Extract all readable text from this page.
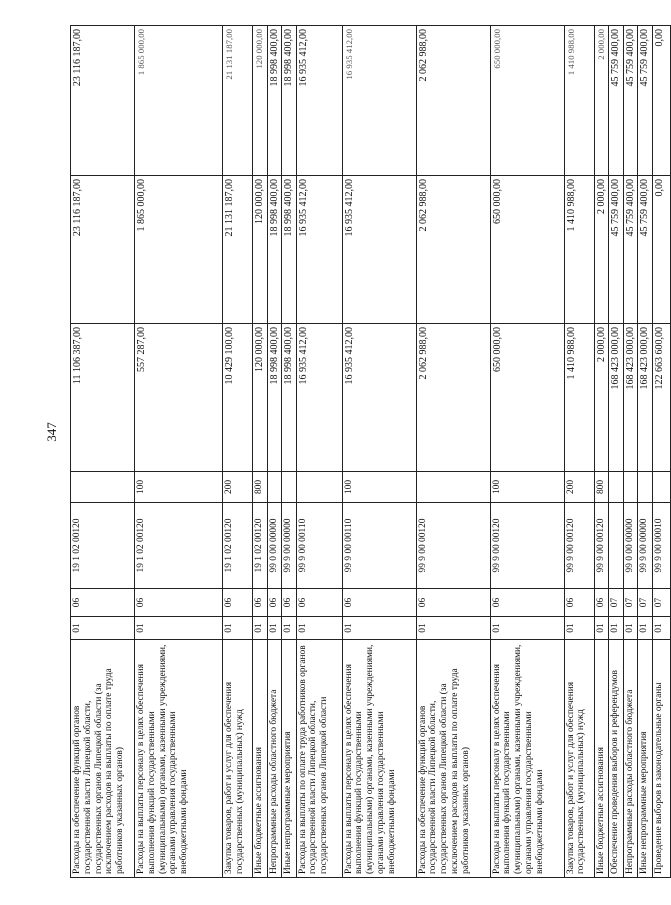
347
Расходы на обеспечение функций органов государственной власти Липецкой области, государственных органов Липецкой области (за исключением расходов на выплаты по оплате труда работников указанных органов)	01	06	19 1 02 00120		11 106 387,00	23 116 187,00	23 116 187,00
Расходы на выплаты персоналу в целях обеспечения выполнения функций государственными (муниципальными) органами, казенными учреждениями, органами управления государственными внебюджетными фондами	01	06	19 1 02 00120	100	557 287,00	1 865 000,00	1 865 000,00
Закупка товаров, работ и услуг для обеспечения государственных (муниципальных) нужд	01	06	19 1 02 00120	200	10 429 100,00	21 131 187,00	21 131 187,00
Иные бюджетные ассигнования	01	06	19 1 02 00120	800	120 000,00	120 000,00	120 000,00
Непрограммные расходы областного бюджета	01	06	99 0 00 00000		18 998 400,00	18 998 400,00	18 998 400,00
Иные непрограммные мероприятия	01	06	99 9 00 00000		18 998 400,00	18 998 400,00	18 998 400,00
Расходы на выплаты по оплате труда работников органов государственной власти Липецкой области, государственных органов Липецкой области	01	06	99 9 00 00110		16 935 412,00	16 935 412,00	16 935 412,00
Расходы на выплаты персоналу в целях обеспечения выполнения функций государственными (муниципальными) органами, казенными учреждениями, органами управления государственными внебюджетными фондами	01	06	99 9 00 00110	100	16 935 412,00	16 935 412,00	16 935 412,00
Расходы на обеспечение функций органов государственной власти Липецкой области, государственных органов Липецкой области (за исключением расходов на выплаты по оплате труда работников указанных органов)	01	06	99 9 00 00120		2 062 988,00	2 062 988,00	2 062 988,00
Расходы на выплаты персоналу в целях обеспечения выполнения функций государственными (муниципальными) органами, казенными учреждениями, органами управления государственными внебюджетными фондами	01	06	99 9 00 00120	100	650 000,00	650 000,00	650 000,00
Закупка товаров, работ и услуг для обеспечения государственных (муниципальных) нужд	01	06	99 9 00 00120	200	1 410 988,00	1 410 988,00	1 410 988,00
Иные бюджетные ассигнования	01	06	99 9 00 00120	800	2 000,00	2 000,00	2 000,00
Обеспечение проведения выборов и референдумов	01	07			168 423 000,00	45 759 400,00	45 759 400,00
Непрограммные расходы областного бюджета	01	07	99 0 00 00000		168 423 000,00	45 759 400,00	45 759 400,00
Иные непрограммные мероприятия	01	07	99 9 00 00000		168 423 000,00	45 759 400,00	45 759 400,00
Проведение выборов в законодательные органы	01	07	99 9 00 00010		122 663 600,00	0,00	0,00
